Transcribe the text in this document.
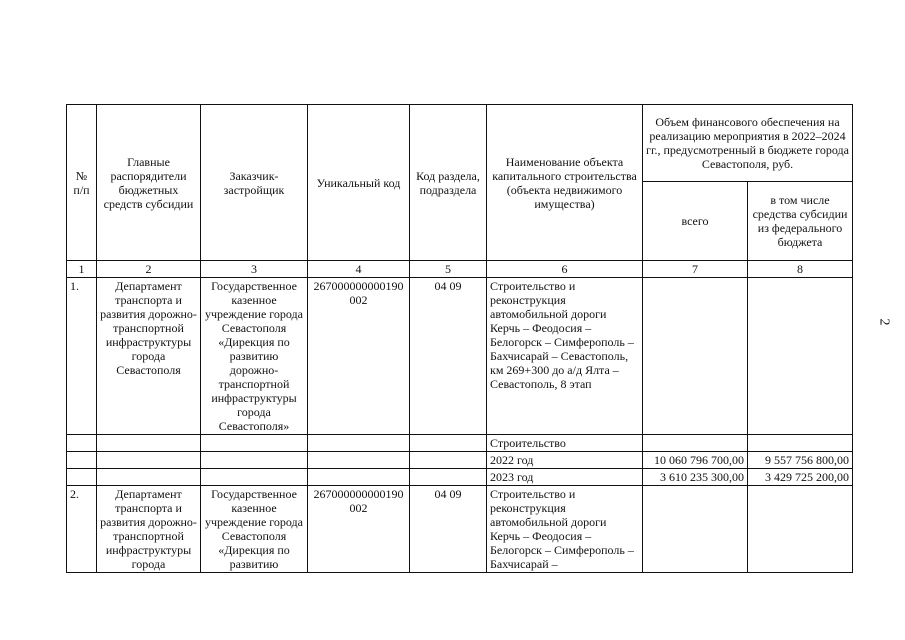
2
№ п/п	Главные распорядители бюджетных средств субсидии	Заказчик-застройщик	Уникальный код	Код раздела, подраздела	Наименование объекта капитального строительства (объекта недвижимого имущества)	Объем финансового обеспечения на реализацию мероприятия в 2022–2024 гг., предусмотренный в бюджете города Севастополя, руб.	
						всего	в том числе средства субсидии из федерального бюджета
1	2	3	4	5	6	7	8
1.	Департамент транспорта и развития дорожно-транспортной инфраструктуры города Севастополя	Государственное казенное учреждение города Севастополя «Дирекция по развитию дорожно-транспортной инфраструктуры города Севастополя»	267000000000190002	04 09	Строительство и реконструкция автомобильной дороги Керчь – Феодосия – Белогорск – Симферополь – Бахчисарай – Севастополь, км 269+300 до а/д Ялта – Севастополь, 8 этап		
					Строительство		
					2022 год	10 060 796 700,00	9 557 756 800,00
					2023 год	3 610 235 300,00	3 429 725 200,00
2.	Департамент транспорта и развития дорожно-транспортной инфраструктуры города	Государственное казенное учреждение города Севастополя «Дирекция по развитию	267000000000190002	04 09	Строительство и реконструкция автомобильной дороги Керчь – Феодосия – Белогорск – Симферополь – Бахчисарай –		
